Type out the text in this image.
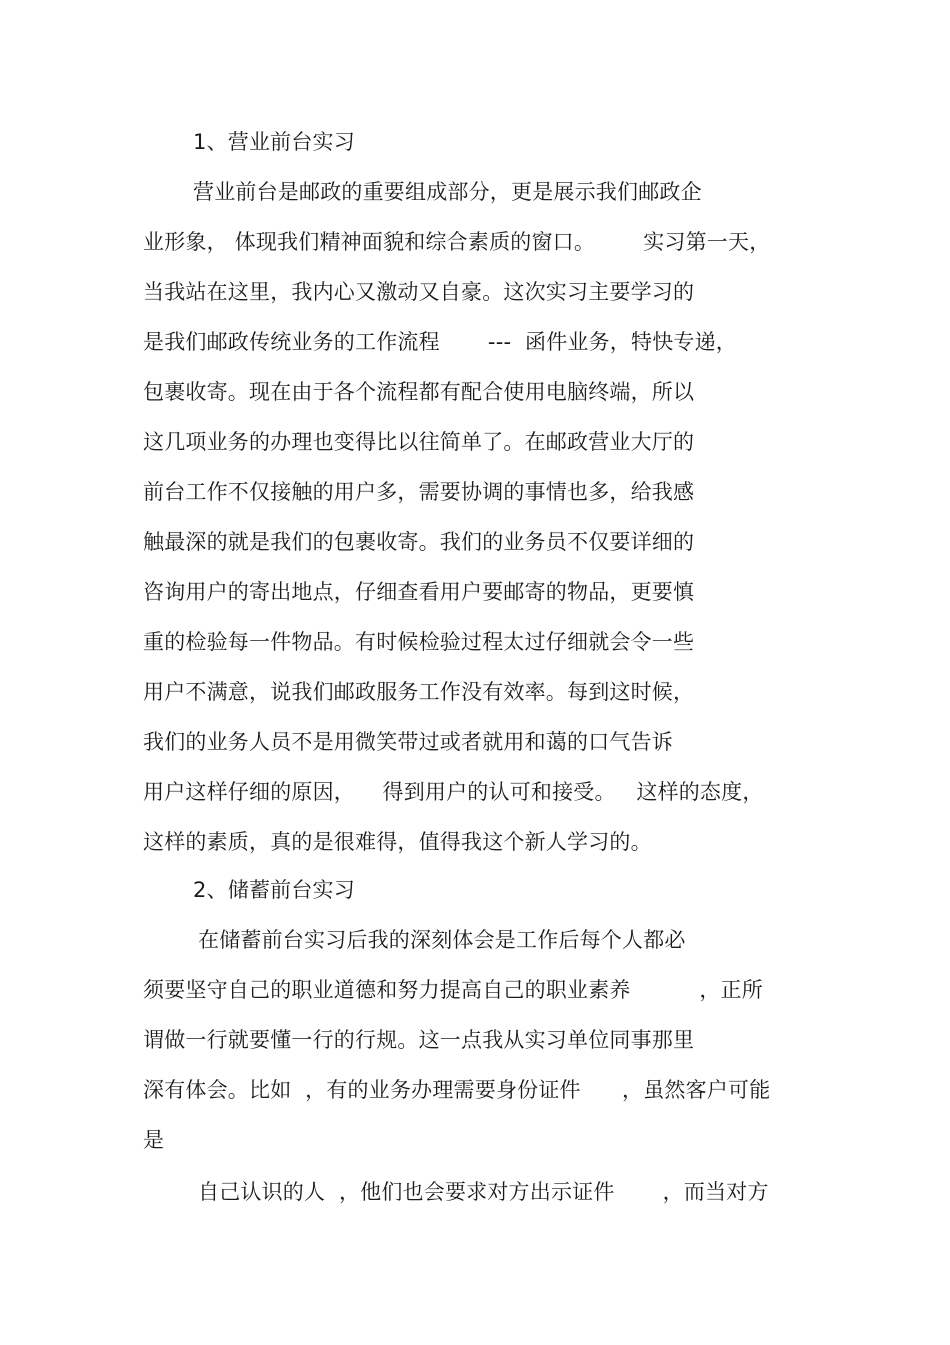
1、营业前台实习
营业前台是邮政的重要组成部分，更是展示我们邮政企
业形象， 体现我们精神面貌和综合素质的窗口。       实习第一天，
当我站在这里，我内心又激动又自豪。这次实习主要学习的
是我们邮政传统业务的工作流程       ---  函件业务，特快专递，
包裹收寄。现在由于各个流程都有配合使用电脑终端，所以
这几项业务的办理也变得比以往简单了。在邮政营业大厅的
前台工作不仅接触的用户多，需要协调的事情也多，给我感
触最深的就是我们的包裹收寄。我们的业务员不仅要详细的
咨询用户的寄出地点，仔细查看用户要邮寄的物品，更要慎
重的检验每一件物品。有时候检验过程太过仔细就会令一些
用户不满意，说我们邮政服务工作没有效率。每到这时候，
我们的业务人员不是用微笑带过或者就用和蔼的口气告诉
用户这样仔细的原因，    得到用户的认可和接受。   这样的态度，
这样的素质，真的是很难得，值得我这个新人学习的。
2、储蓄前台实习
在储蓄前台实习后我的深刻体会是工作后每个人都必
须要坚守自己的职业道德和努力提高自己的职业素养          ，正所
谓做一行就要懂一行的行规。这一点我从实习单位同事那里
深有体会。比如  ，有的业务办理需要身份证件      ，虽然客户可能
是
自己认识的人  ，他们也会要求对方出示证件       ，而当对方
